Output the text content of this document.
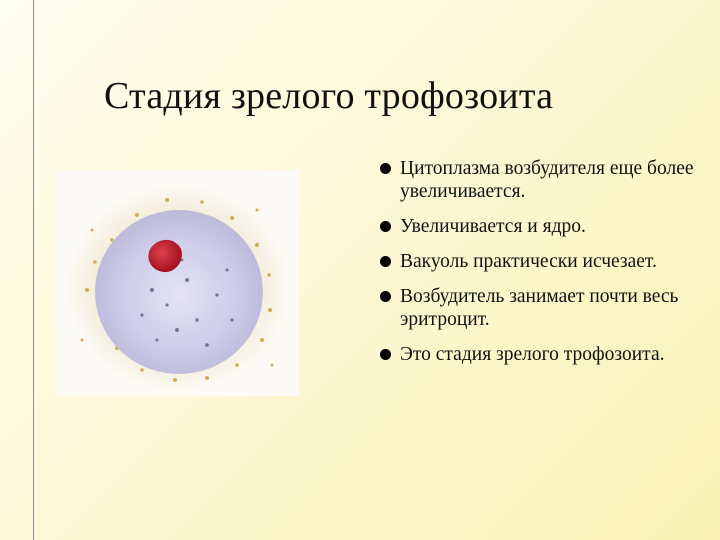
Стадия зрелого трофозоита
Цитоплазма возбудителя еще более увеличивается.
Увеличивается и ядро.
Вакуоль практически исчезает.
Возбудитель занимает почти весь эритроцит.
Это стадия зрелого трофозоита.
